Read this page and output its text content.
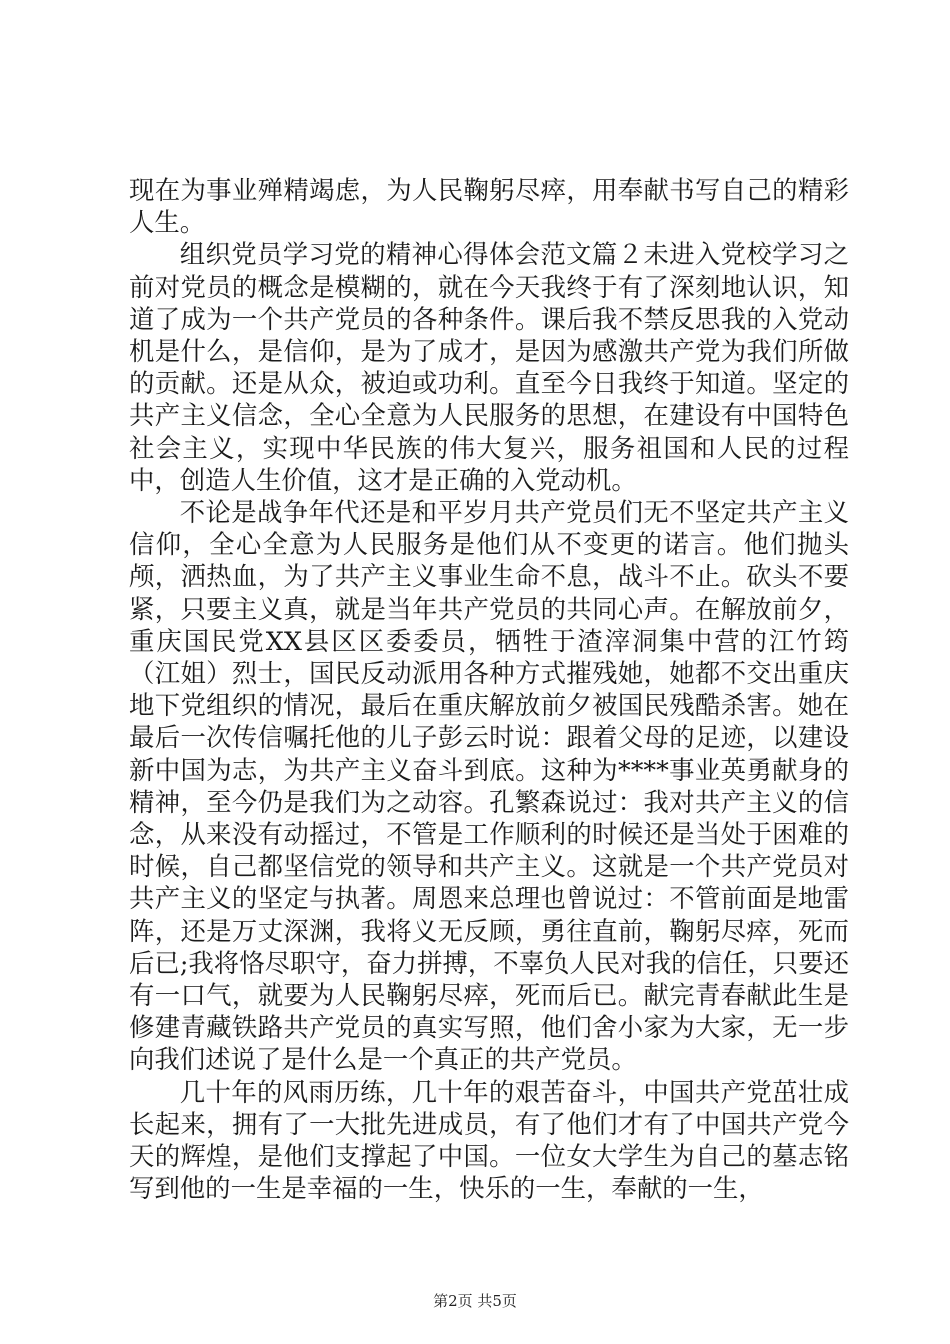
现在为事业殚精竭虑，为人民鞠躬尽瘁，用奉献书写自己的精彩人生。

组织党员学习党的精神心得体会范文篇２未进入党校学习之前对党员的概念是模糊的，就在今天我终于有了深刻地认识，知道了成为一个共产党员的各种条件。课后我不禁反思我的入党动机是什么，是信仰，是为了成才，是因为感激共产党为我们所做的贡献。还是从众，被迫或功利。直至今日我终于知道。坚定的共产主义信念，全心全意为人民服务的思想，在建设有中国特色社会主义，实现中华民族的伟大复兴，服务祖国和人民的过程中，创造人生价值，这才是正确的入党动机。

不论是战争年代还是和平岁月共产党员们无不坚定共产主义信仰，全心全意为人民服务是他们从不变更的诺言。他们抛头颅，洒热血，为了共产主义事业生命不息，战斗不止。砍头不要紧，只要主义真，就是当年共产党员的共同心声。在解放前夕，重庆国民党XX县区区委委员，牺牲于渣滓洞集中营的江竹筠（江姐）烈士，国民反动派用各种方式摧残她，她都不交出重庆地下党组织的情况，最后在重庆解放前夕被国民残酷杀害。她在最后一次传信嘱托他的儿子彭云时说：跟着父母的足迹，以建设新中国为志，为共产主义奋斗到底。这种为****事业英勇献身的精神，至今仍是我们为之动容。孔繁森说过：我对共产主义的信念，从来没有动摇过，不管是工作顺利的时候还是当处于困难的时候，自己都坚信党的领导和共产主义。这就是一个共产党员对共产主义的坚定与执著。周恩来总理也曾说过：不管前面是地雷阵，还是万丈深渊，我将义无反顾，勇往直前，鞠躬尽瘁，死而后已;我将恪尽职守，奋力拼搏，不辜负人民对我的信任，只要还有一口气，就要为人民鞠躬尽瘁，死而后已。献完青春献此生是修建青藏铁路共产党员的真实写照，他们舍小家为大家，无一步向我们述说了是什么是一个真正的共产党员。

几十年的风雨历练，几十年的艰苦奋斗，中国共产党茁壮成长起来，拥有了一大批先进成员，有了他们才有了中国共产党今天的辉煌，是他们支撑起了中国。一位女大学生为自己的墓志铭写到他的一生是幸福的一生，快乐的一生，奉献的一生，

第2页 共5页
